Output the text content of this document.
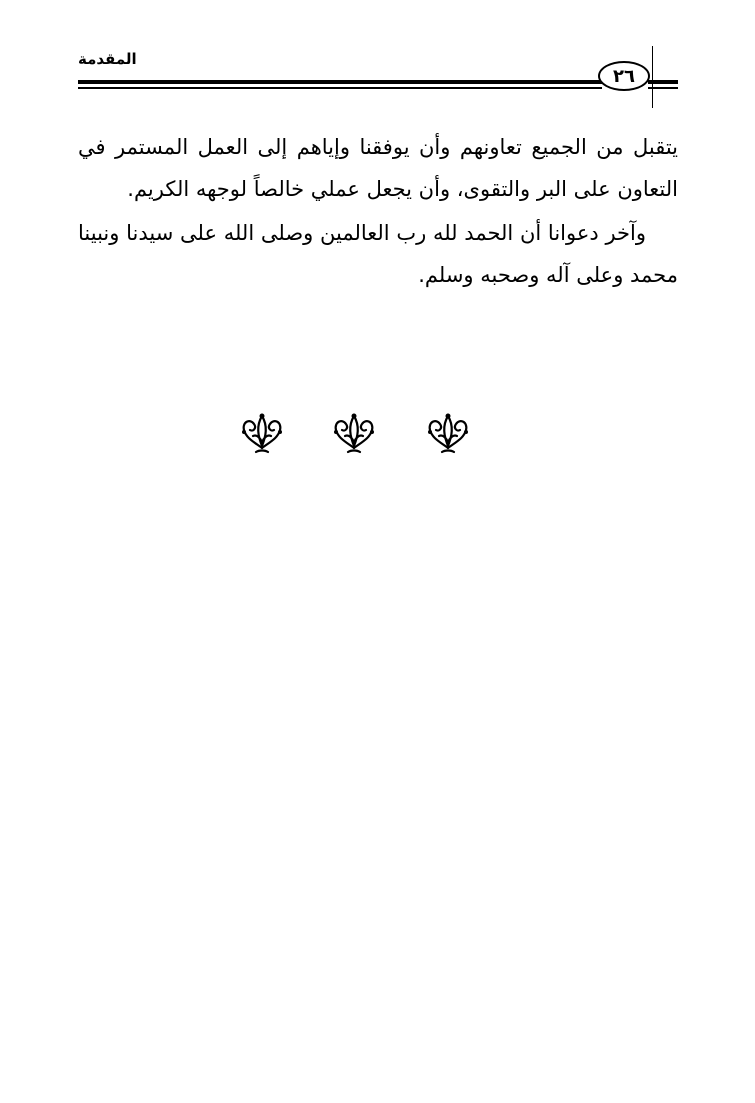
المقدمة
٢٦
يتقبل من الجميع تعاونهم وأن يوفقنا وإياهم إلى العمل المستمر في التعاون على البر والتقوى، وأن يجعل عملي خالصاً لوجهه الكريم.
وآخر دعوانا أن الحمد لله رب العالمين وصلى الله على سيدنا ونبينا محمد وعلى آله وصحبه وسلم.
